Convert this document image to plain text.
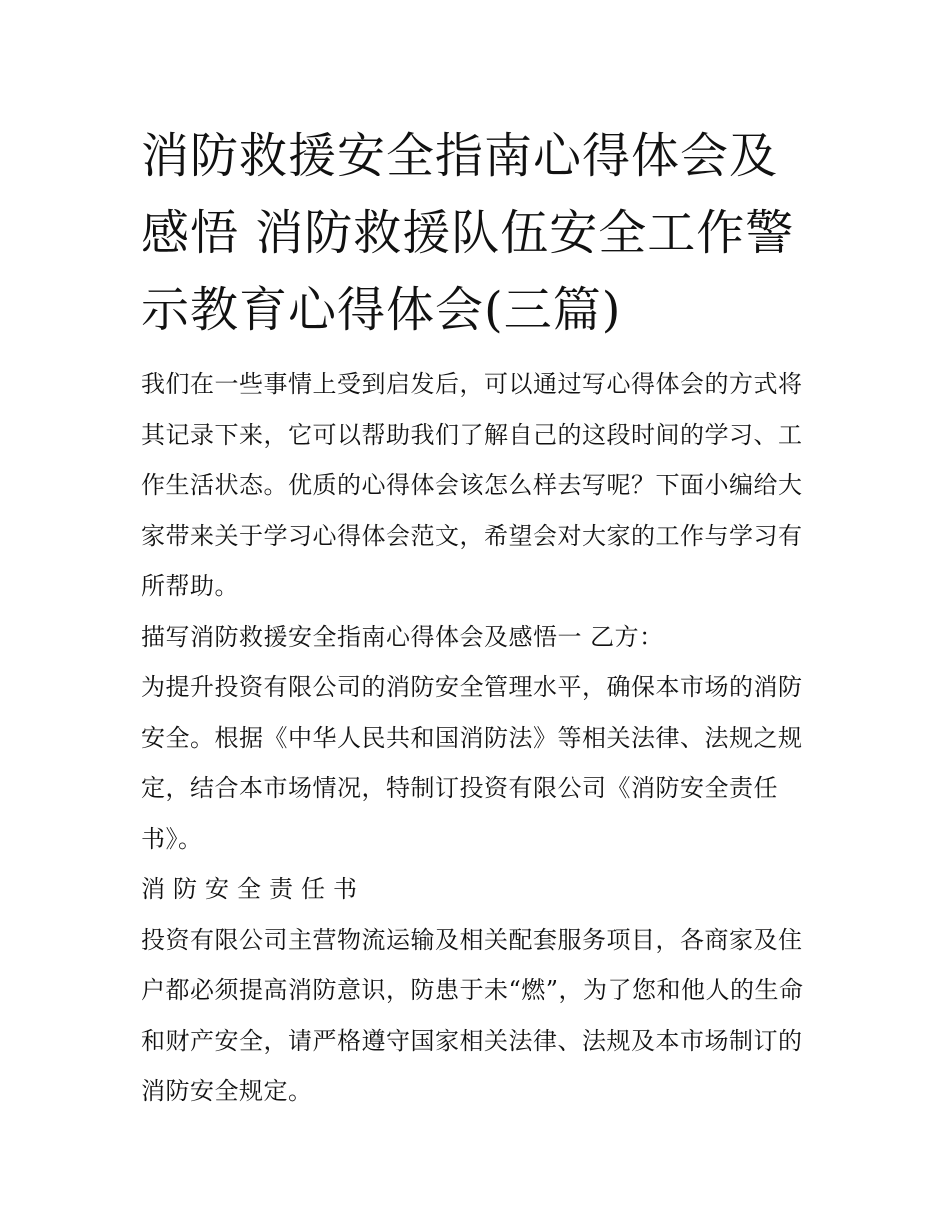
消防救援安全指南心得体会及感悟 消防救援队伍安全工作警示教育心得体会(三篇)

我们在一些事情上受到启发后，可以通过写心得体会的方式将其记录下来，它可以帮助我们了解自己的这段时间的学习、工作生活状态。优质的心得体会该怎么样去写呢？下面小编给大家带来关于学习心得体会范文，希望会对大家的工作与学习有所帮助。

描写消防救援安全指南心得体会及感悟一 乙方：

为提升投资有限公司的消防安全管理水平，确保本市场的消防安全。根据《中华人民共和国消防法》等相关法律、法规之规定，结合本市场情况，特制订投资有限公司《消防安全责任书》。

消防安全责任书

投资有限公司主营物流运输及相关配套服务项目，各商家及住户都必须提高消防意识，防患于未“燃”，为了您和他人的生命和财产安全，请严格遵守国家相关法律、法规及本市场制订的消防安全规定。
